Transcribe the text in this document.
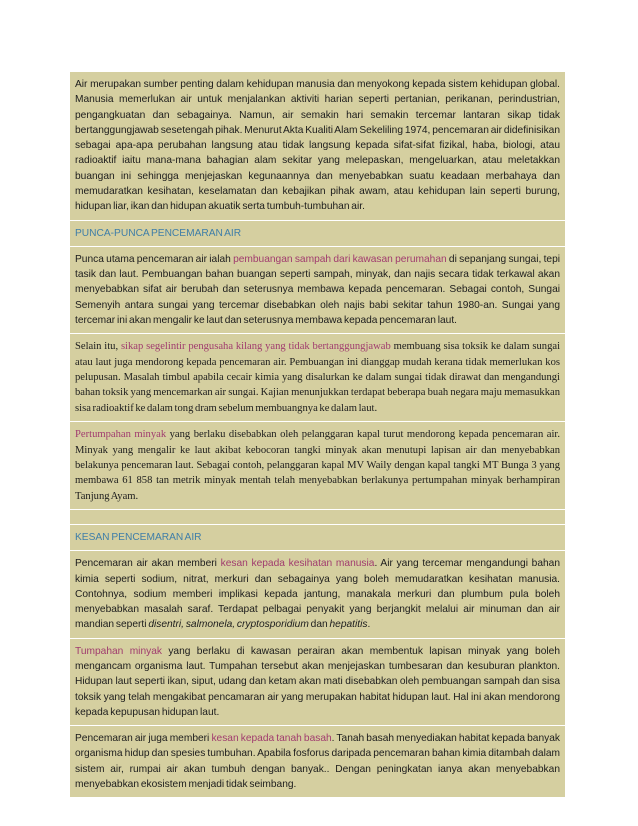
Air merupakan sumber penting dalam kehidupan manusia dan menyokong kepada sistem kehidupan global. Manusia memerlukan air untuk menjalankan aktiviti harian seperti pertanian, perikanan, perindustrian, pengangkuatan dan sebagainya. Namun, air semakin hari semakin tercemar lantaran sikap tidak bertanggungjawab sesetengah pihak. Menurut Akta Kualiti Alam Sekeliling 1974, pencemaran air didefinisikan sebagai apa-apa perubahan langsung atau tidak langsung kepada sifat-sifat fizikal, haba, biologi, atau radioaktif iaitu mana-mana bahagian alam sekitar yang melepaskan, mengeluarkan, atau meletakkan buangan ini sehingga menjejaskan kegunaannya dan menyebabkan suatu keadaan merbahaya dan memudaratkan kesihatan, keselamatan dan kebajikan pihak awam, atau kehidupan lain seperti burung, hidupan liar, ikan dan hidupan akuatik serta tumbuh-tumbuhan air.
PUNCA-PUNCA PENCEMARAN AIR
Punca utama pencemaran air ialah pembuangan sampah dari kawasan perumahan di sepanjang sungai, tepi tasik dan laut. Pembuangan bahan buangan seperti sampah, minyak, dan najis secara tidak terkawal akan menyebabkan sifat air berubah dan seterusnya membawa kepada pencemaran. Sebagai contoh, Sungai Semenyih antara sungai yang tercemar disebabkan oleh najis babi sekitar tahun 1980-an. Sungai yang tercemar ini akan mengalir ke laut dan seterusnya membawa kepada pencemaran laut.
Selain itu, sikap segelintir pengusaha kilang yang tidak bertanggungjawab membuang sisa toksik ke dalam sungai atau laut juga mendorong kepada pencemaran air. Pembuangan ini dianggap mudah kerana tidak memerlukan kos pelupusan. Masalah timbul apabila cecair kimia yang disalurkan ke dalam sungai tidak dirawat dan mengandungi bahan toksik yang mencemarkan air sungai. Kajian menunjukkan terdapat beberapa buah negara maju memasukkan sisa radioaktif ke dalam tong dram sebelum membuangnya ke dalam laut.
Pertumpahan minyak yang berlaku disebabkan oleh pelanggaran kapal turut mendorong kepada pencemaran air. Minyak yang mengalir ke laut akibat kebocoran tangki minyak akan menutupi lapisan air dan menyebabkan belakunya pencemaran laut. Sebagai contoh, pelanggaran kapal MV Waily dengan kapal tangki MT Bunga 3 yang membawa 61 858 tan metrik minyak mentah telah menyebabkan berlakunya pertumpahan minyak berhampiran Tanjung Ayam.
KESAN PENCEMARAN AIR
Pencemaran air akan memberi kesan kepada kesihatan manusia. Air yang tercemar mengandungi bahan kimia seperti sodium, nitrat, merkuri dan sebagainya yang boleh memudaratkan kesihatan manusia. Contohnya, sodium memberi implikasi kepada jantung, manakala merkuri dan plumbum pula boleh menyebabkan masalah saraf. Terdapat pelbagai penyakit yang berjangkit melalui air minuman dan air mandian seperti disentri, salmonela, cryptosporidium dan hepatitis.
Tumpahan minyak yang berlaku di kawasan perairan akan membentuk lapisan minyak yang boleh mengancam organisma laut. Tumpahan tersebut akan menjejaskan tumbesaran dan kesuburan plankton. Hidupan laut seperti ikan, siput, udang dan ketam akan mati disebabkan oleh pembuangan sampah dan sisa toksik yang telah mengakibat pencamaran air yang merupakan habitat hidupan laut. Hal ini akan mendorong kepada kepupusan hidupan laut.
Pencemaran air juga memberi kesan kepada tanah basah. Tanah basah menyediakan habitat kepada banyak organisma hidup dan spesies tumbuhan. Apabila fosforus daripada pencemaran bahan kimia ditambah dalam sistem air, rumpai air akan tumbuh dengan banyak.. Dengan peningkatan ianya akan menyebabkan menyebabkan ekosistem menjadi tidak seimbang.
